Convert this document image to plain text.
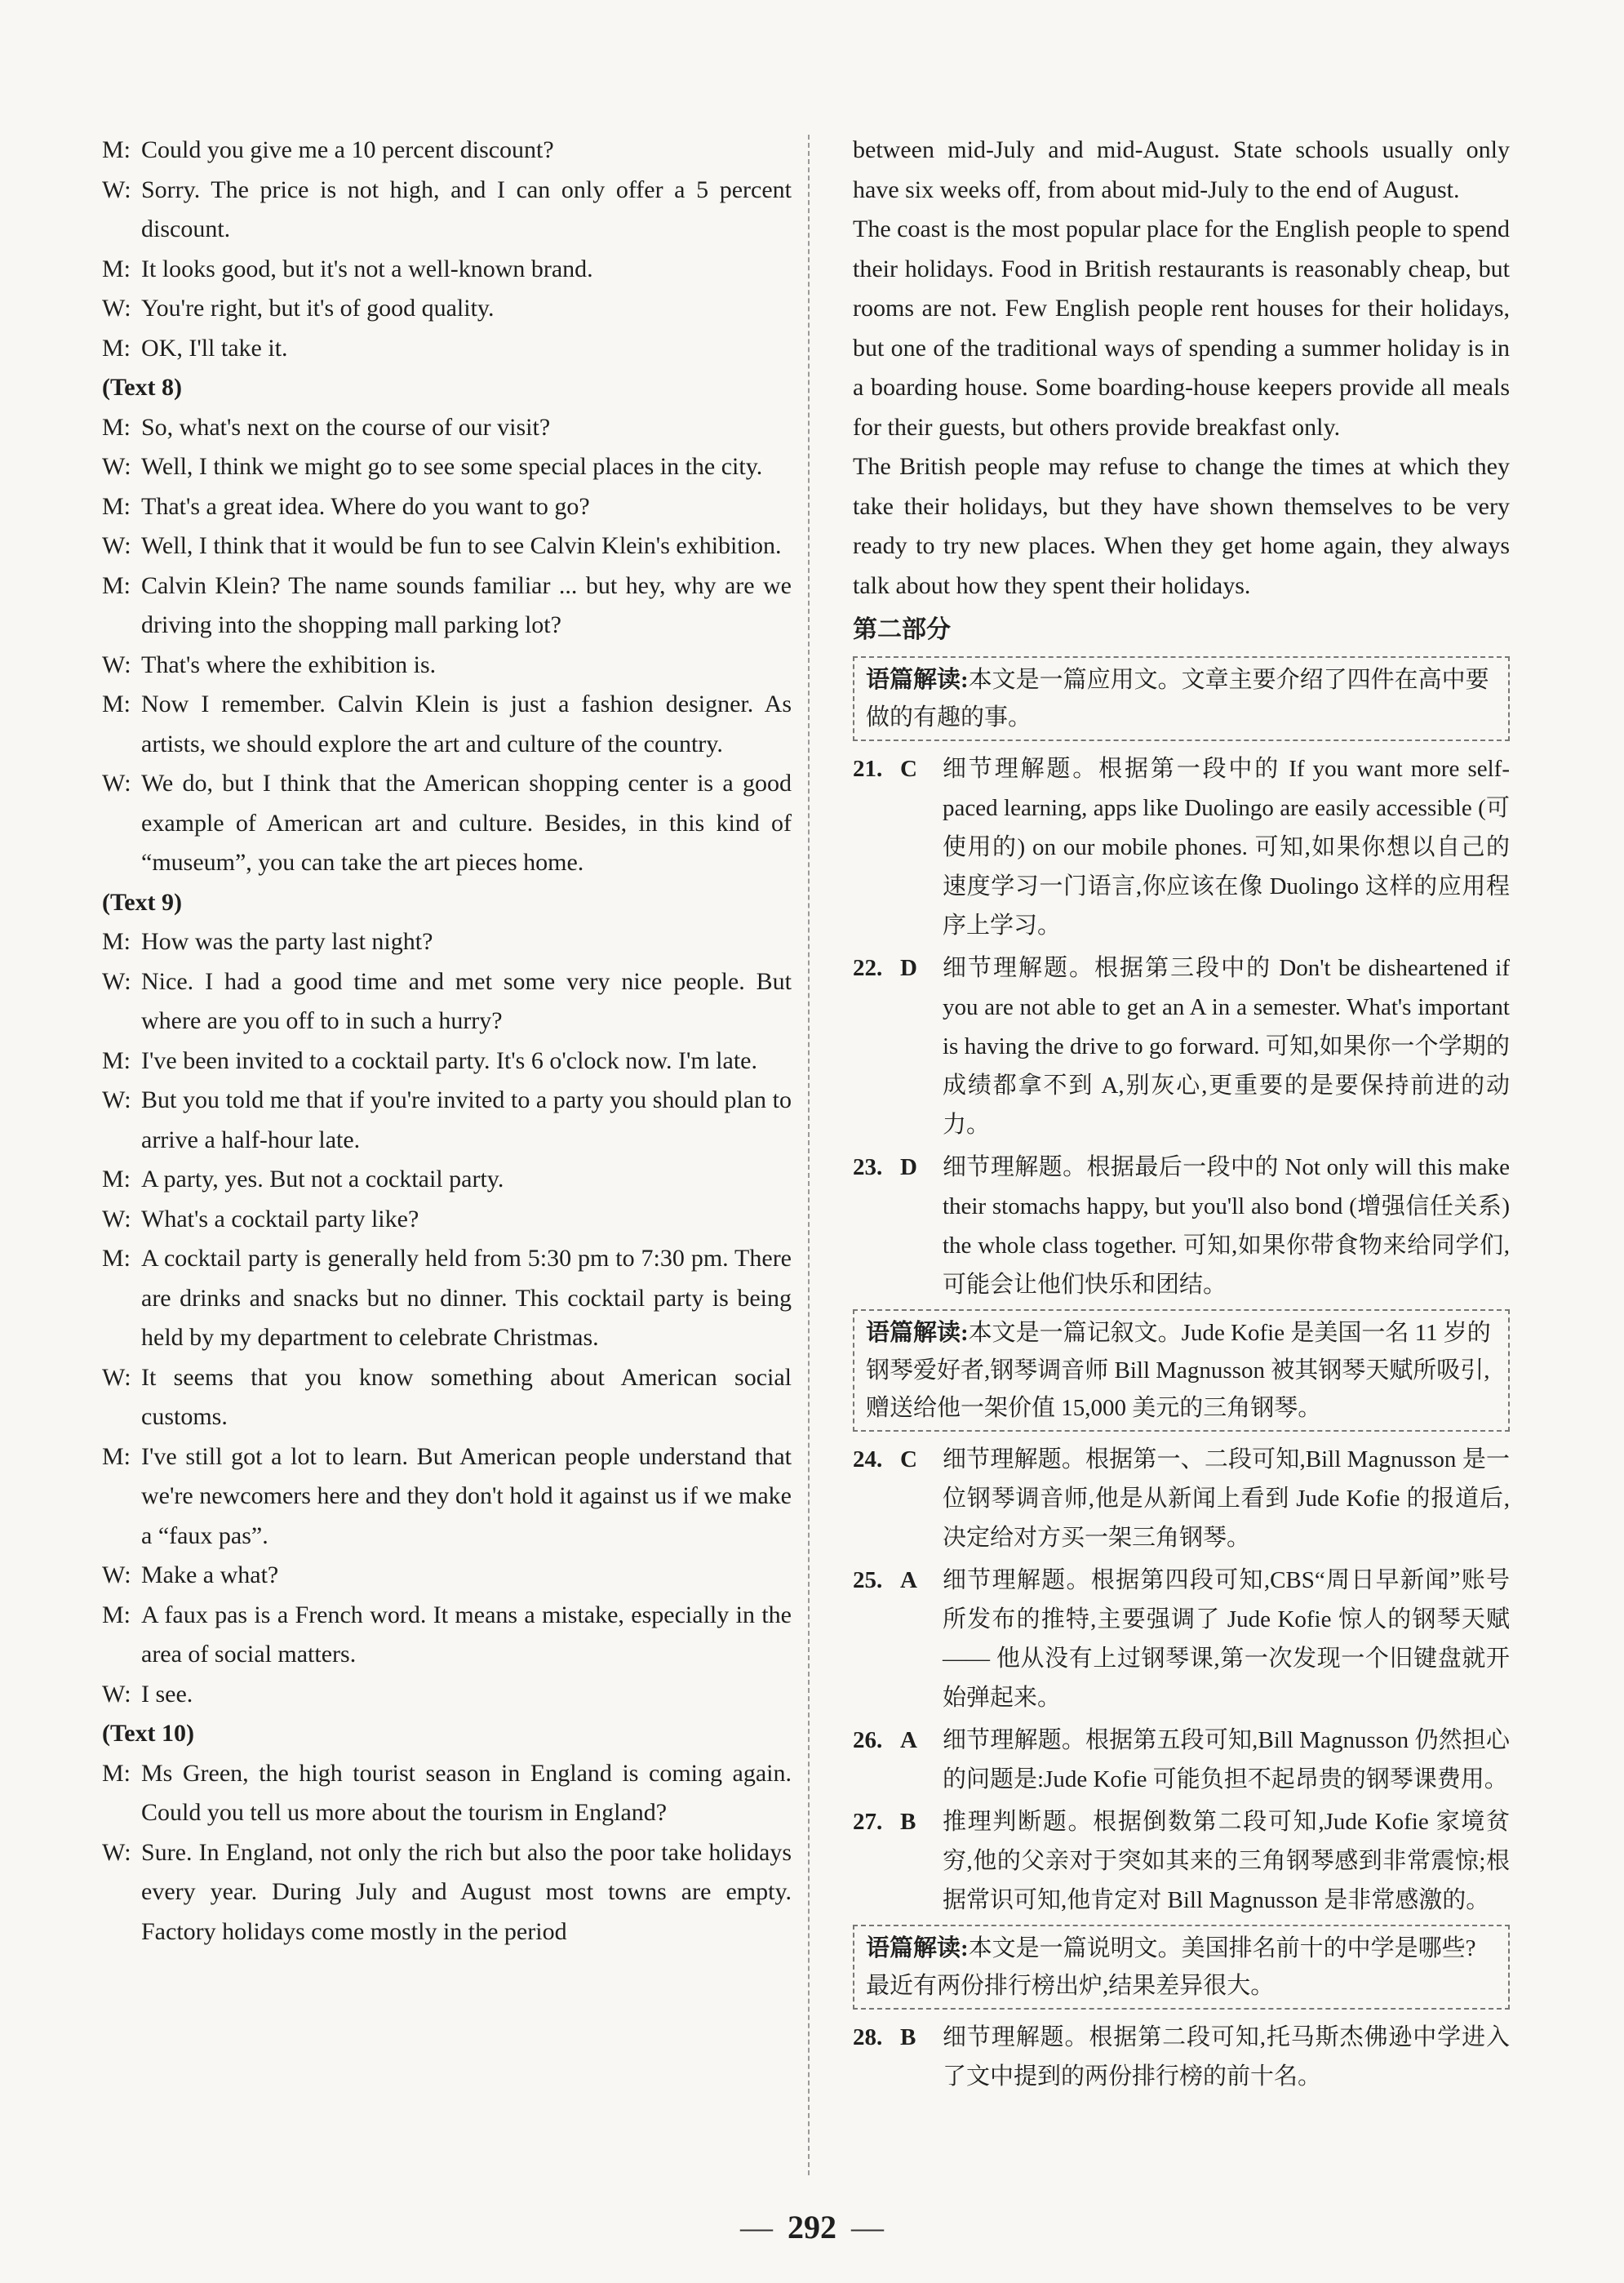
M: Could you give me a 10 percent discount?
W: Sorry. The price is not high, and I can only offer a 5 percent discount.
M: It looks good, but it's not a well-known brand.
W: You're right, but it's of good quality.
M: OK, I'll take it.
(Text 8)
M: So, what's next on the course of our visit?
W: Well, I think we might go to see some special places in the city.
M: That's a great idea. Where do you want to go?
W: Well, I think that it would be fun to see Calvin Klein's exhibition.
M: Calvin Klein? The name sounds familiar ... but hey, why are we driving into the shopping mall parking lot?
W: That's where the exhibition is.
M: Now I remember. Calvin Klein is just a fashion designer. As artists, we should explore the art and culture of the country.
W: We do, but I think that the American shopping center is a good example of American art and culture. Besides, in this kind of “museum”, you can take the art pieces home.
(Text 9)
M: How was the party last night?
W: Nice. I had a good time and met some very nice people. But where are you off to in such a hurry?
M: I've been invited to a cocktail party. It's 6 o'clock now. I'm late.
W: But you told me that if you're invited to a party you should plan to arrive a half-hour late.
M: A party, yes. But not a cocktail party.
W: What's a cocktail party like?
M: A cocktail party is generally held from 5:30 pm to 7:30 pm. There are drinks and snacks but no dinner. This cocktail party is being held by my department to celebrate Christmas.
W: It seems that you know something about American social customs.
M: I've still got a lot to learn. But American people understand that we're newcomers here and they don't hold it against us if we make a “faux pas”.
W: Make a what?
M: A faux pas is a French word. It means a mistake, especially in the area of social matters.
W: I see.
(Text 10)
M: Ms Green, the high tourist season in England is coming again. Could you tell us more about the tourism in England?
W: Sure. In England, not only the rich but also the poor take holidays every year. During July and August most towns are empty. Factory holidays come mostly in the period
between mid-July and mid-August. State schools usually only have six weeks off, from about mid-July to the end of August.
The coast is the most popular place for the English people to spend their holidays. Food in British restaurants is reasonably cheap, but rooms are not. Few English people rent houses for their holidays, but one of the traditional ways of spending a summer holiday is in a boarding house. Some boarding-house keepers provide all meals for their guests, but others provide breakfast only.
The British people may refuse to change the times at which they take their holidays, but they have shown themselves to be very ready to try new places. When they get home again, they always talk about how they spent their holidays.
第二部分
语篇解读:本文是一篇应用文。文章主要介绍了四件在高中要做的有趣的事。
21. C	细节理解题。根据第一段中的 If you want more self-paced learning, apps like Duolingo are easily accessible (可使用的) on our mobile phones. 可知,如果你想以自己的速度学习一门语言,你应该在像 Duolingo 这样的应用程序上学习。
22. D	细节理解题。根据第三段中的 Don't be disheartened if you are not able to get an A in a semester. What's important is having the drive to go forward. 可知,如果你一个学期的成绩都拿不到 A,别灰心,更重要的是要保持前进的动力。
23. D	细节理解题。根据最后一段中的 Not only will this make their stomachs happy, but you'll also bond (增强信任关系) the whole class together. 可知,如果你带食物来给同学们,可能会让他们快乐和团结。
语篇解读:本文是一篇记叙文。Jude Kofie 是美国一名 11 岁的钢琴爱好者,钢琴调音师 Bill Magnusson 被其钢琴天赋所吸引,赠送给他一架价值 15,000 美元的三角钢琴。
24. C	细节理解题。根据第一、二段可知,Bill Magnusson 是一位钢琴调音师,他是从新闻上看到 Jude Kofie 的报道后,决定给对方买一架三角钢琴。
25. A	细节理解题。根据第四段可知,CBS“周日早新闻”账号所发布的推特,主要强调了 Jude Kofie 惊人的钢琴天赋—— 他从没有上过钢琴课,第一次发现一个旧键盘就开始弹起来。
26. A	细节理解题。根据第五段可知,Bill Magnusson 仍然担心的问题是:Jude Kofie 可能负担不起昂贵的钢琴课费用。
27. B	推理判断题。根据倒数第二段可知,Jude Kofie 家境贫穷,他的父亲对于突如其来的三角钢琴感到非常震惊;根据常识可知,他肯定对 Bill Magnusson 是非常感激的。
语篇解读:本文是一篇说明文。美国排名前十的中学是哪些?最近有两份排行榜出炉,结果差异很大。
28. B	细节理解题。根据第二段可知,托马斯杰佛逊中学进入了文中提到的两份排行榜的前十名。
— 292 —
